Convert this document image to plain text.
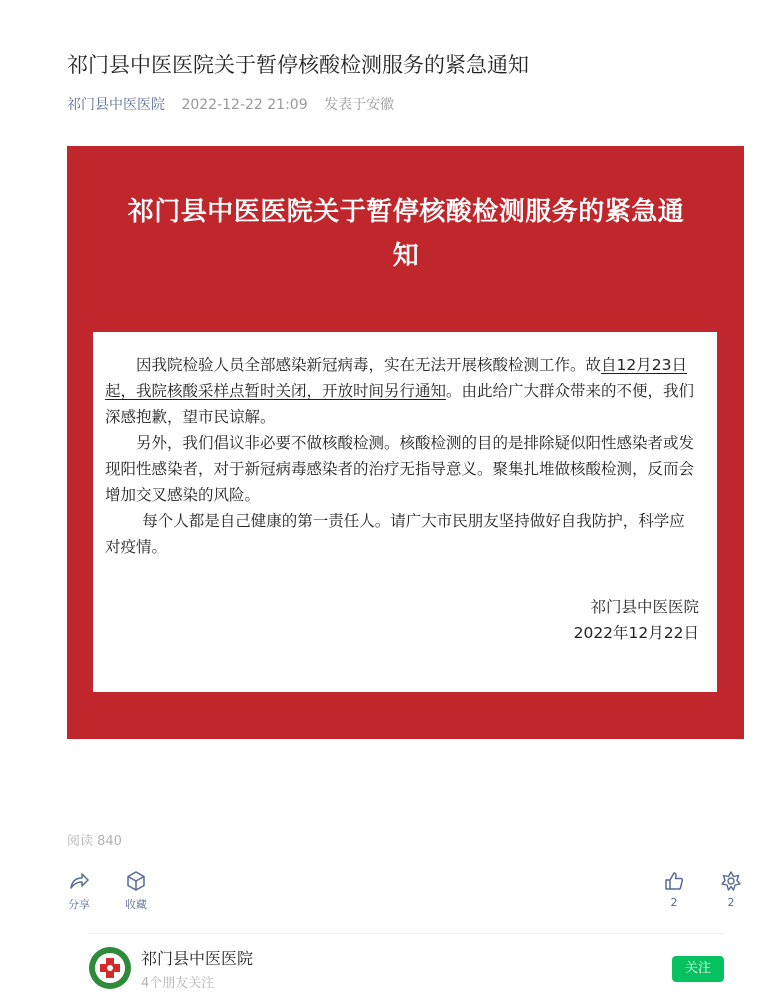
祁门县中医医院关于暂停核酸检测服务的紧急通知
祁门县中医医院 2022-12-22 21:09 发表于安徽
祁门县中医医院关于暂停核酸检测服务的紧急通
知

因我院检验人员全部感染新冠病毒，实在无法开展核酸检测工作。故自12月23日起，我院核酸采样点暂时关闭，开放时间另行通知。由此给广大群众带来的不便，我们深感抱歉，望市民谅解。

另外，我们倡议非必要不做核酸检测。核酸检测的目的是排除疑似阳性感染者或发现阳性感染者，对于新冠病毒感染者的治疗无指导意义。聚集扎堆做核酸检测，反而会增加交叉感染的风险。

每个人都是自己健康的第一责任人。请广大市民朋友坚持做好自我防护，科学应对疫情。

祁门县中医医院
2022年12月22日
阅读 840
分享	收藏	2	2
祁门县中医医院
4个朋友关注
关注
